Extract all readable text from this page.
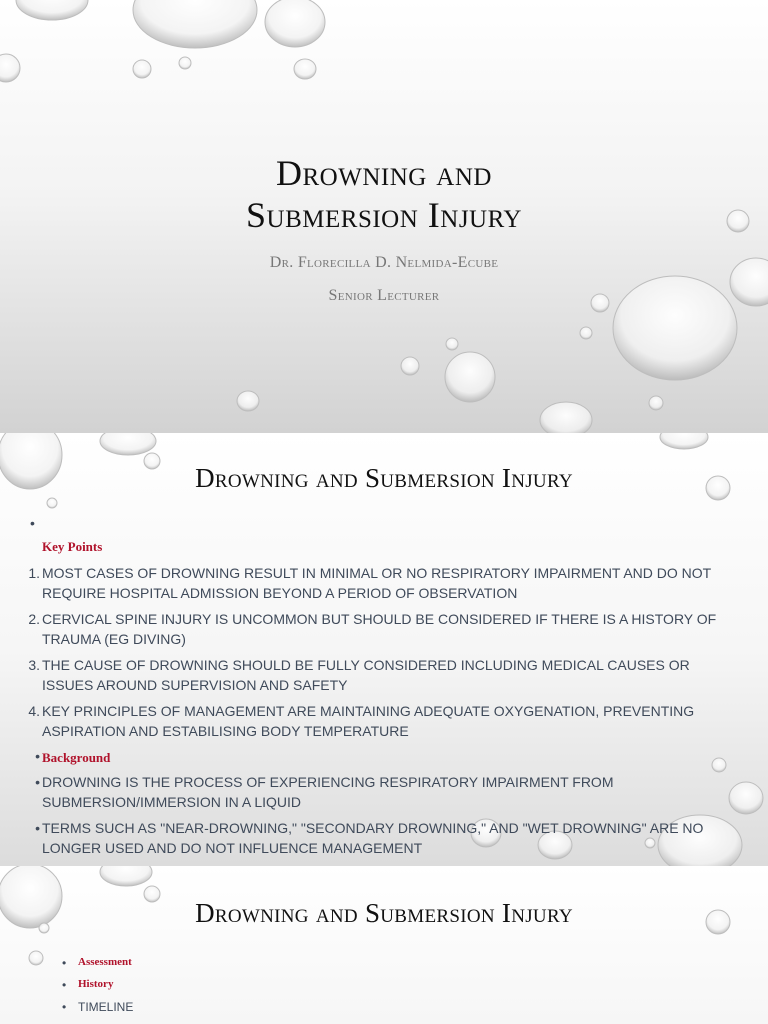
Drowning and
Submersion Injury
Dr. Florecilla D. Nelmida-Ecube
Senior Lecturer
Drowning and Submersion Injury
•
Key Points
1. MOST CASES OF DROWNING RESULT IN MINIMAL OR NO RESPIRATORY IMPAIRMENT AND DO NOT REQUIRE HOSPITAL ADMISSION BEYOND A PERIOD OF OBSERVATION
2. CERVICAL SPINE INJURY IS UNCOMMON BUT SHOULD BE CONSIDERED IF THERE IS A HISTORY OF TRAUMA (EG DIVING)
3. THE CAUSE OF DROWNING SHOULD BE FULLY CONSIDERED INCLUDING MEDICAL CAUSES OR ISSUES AROUND SUPERVISION AND SAFETY
4. KEY PRINCIPLES OF MANAGEMENT ARE MAINTAINING ADEQUATE OXYGENATION, PREVENTING ASPIRATION AND ESTABILISING BODY TEMPERATURE
• Background
• DROWNING IS THE PROCESS OF EXPERIENCING RESPIRATORY IMPAIRMENT FROM SUBMERSION/IMMERSION IN A LIQUID
• TERMS SUCH AS "NEAR-DROWNING," "SECONDARY DROWNING," AND "WET DROWNING" ARE NO LONGER USED AND DO NOT INFLUENCE MANAGEMENT
Drowning and Submersion Injury
• Assessment
• History
• TIMELINE
